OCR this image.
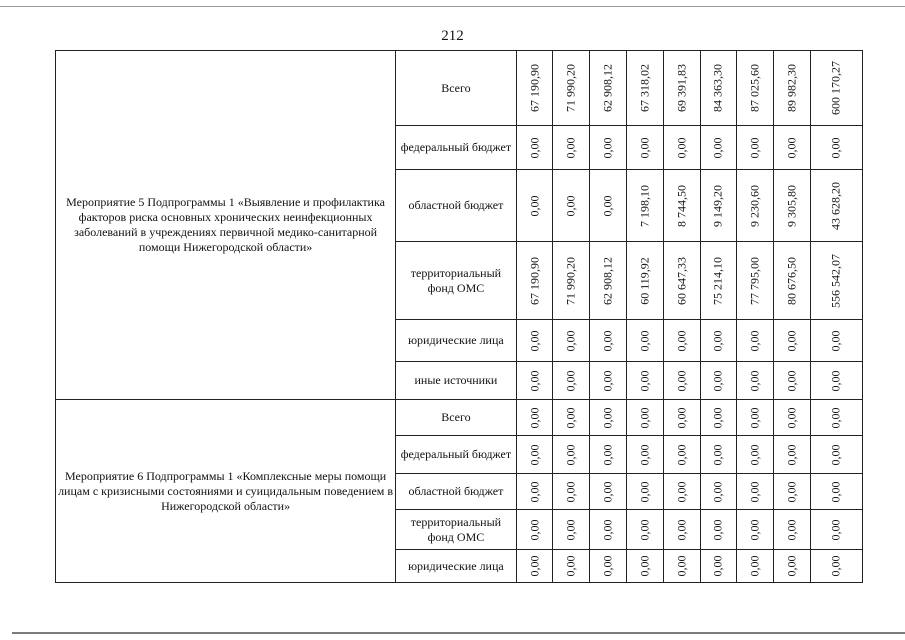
212
Мероприятие 5 Подпрограммы 1 «Выявление и профилактика факторов риска основных хронических неинфекционных заболеваний в учреждениях первичной медико-санитарной помощи Нижегородской области»	Всего	67 190,90	71 990,20	62 908,12	67 318,02	69 391,83	84 363,30	87 025,60	89 982,30	600 170,27

	федеральный бюджет	0,00	0,00	0,00	0,00	0,00	0,00	0,00	0,00	0,00

	областной бюджет	0,00	0,00	0,00	7 198,10	8 744,50	9 149,20	9 230,60	9 305,80	43 628,20

	территориальный фонд ОМС	67 190,90	71 990,20	62 908,12	60 119,92	60 647,33	75 214,10	77 795,00	80 676,50	556 542,07

	юридические лица	0,00	0,00	0,00	0,00	0,00	0,00	0,00	0,00	0,00

	иные источники	0,00	0,00	0,00	0,00	0,00	0,00	0,00	0,00	0,00

Мероприятие 6 Подпрограммы 1 «Комплексные меры помощи лицам с кризисными состояниями и суицидальным поведением в Нижегородской области»	Всего	0,00	0,00	0,00	0,00	0,00	0,00	0,00	0,00	0,00

	федеральный бюджет	0,00	0,00	0,00	0,00	0,00	0,00	0,00	0,00	0,00

	областной бюджет	0,00	0,00	0,00	0,00	0,00	0,00	0,00	0,00	0,00

	территориальный фонд ОМС	0,00	0,00	0,00	0,00	0,00	0,00	0,00	0,00	0,00

	юридические лица	0,00	0,00	0,00	0,00	0,00	0,00	0,00	0,00	0,00
